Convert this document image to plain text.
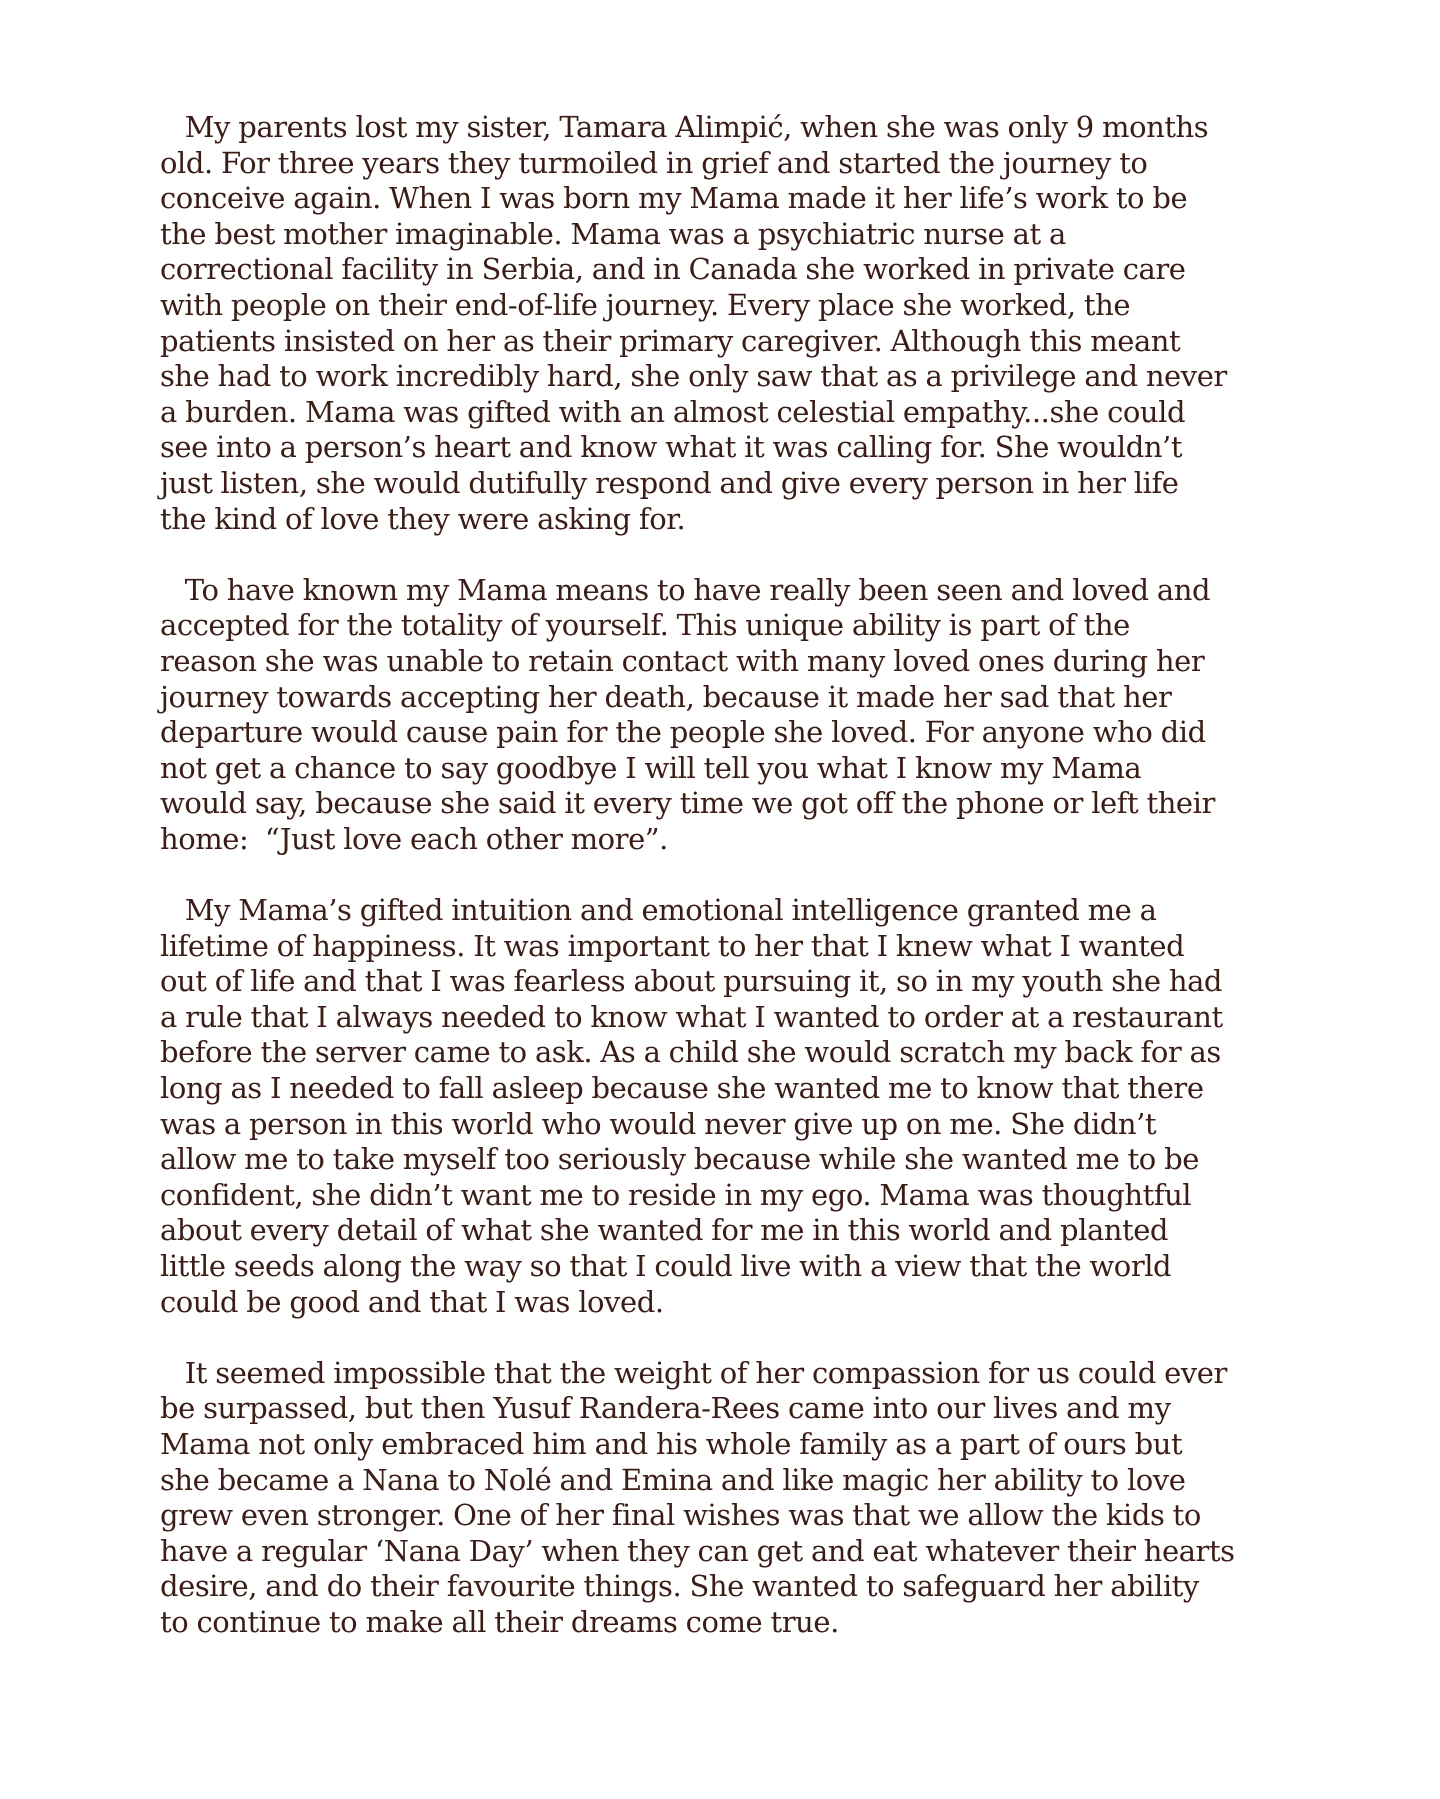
My parents lost my sister, Tamara Alimpić, when she was only 9 months
old. For three years they turmoiled in grief and started the journey to
conceive again. When I was born my Mama made it her life’s work to be
the best mother imaginable. Mama was a psychiatric nurse at a
correctional facility in Serbia, and in Canada she worked in private care
with people on their end-of-life journey. Every place she worked, the
patients insisted on her as their primary caregiver. Although this meant
she had to work incredibly hard, she only saw that as a privilege and never
a burden. Mama was gifted with an almost celestial empathy...she could
see into a person’s heart and know what it was calling for. She wouldn’t
just listen, she would dutifully respond and give every person in her life
the kind of love they were asking for.
To have known my Mama means to have really been seen and loved and
accepted for the totality of yourself. This unique ability is part of the
reason she was unable to retain contact with many loved ones during her
journey towards accepting her death, because it made her sad that her
departure would cause pain for the people she loved. For anyone who did
not get a chance to say goodbye I will tell you what I know my Mama
would say, because she said it every time we got off the phone or left their
home:  “Just love each other more”.
My Mama’s gifted intuition and emotional intelligence granted me a
lifetime of happiness. It was important to her that I knew what I wanted
out of life and that I was fearless about pursuing it, so in my youth she had
a rule that I always needed to know what I wanted to order at a restaurant
before the server came to ask. As a child she would scratch my back for as
long as I needed to fall asleep because she wanted me to know that there
was a person in this world who would never give up on me. She didn’t
allow me to take myself too seriously because while she wanted me to be
confident, she didn’t want me to reside in my ego. Mama was thoughtful
about every detail of what she wanted for me in this world and planted
little seeds along the way so that I could live with a view that the world
could be good and that I was loved.
It seemed impossible that the weight of her compassion for us could ever
be surpassed, but then Yusuf Randera-Rees came into our lives and my
Mama not only embraced him and his whole family as a part of ours but
she became a Nana to Nolé and Emina and like magic her ability to love
grew even stronger. One of her final wishes was that we allow the kids to
have a regular ‘Nana Day’ when they can get and eat whatever their hearts
desire, and do their favourite things. She wanted to safeguard her ability
to continue to make all their dreams come true.
